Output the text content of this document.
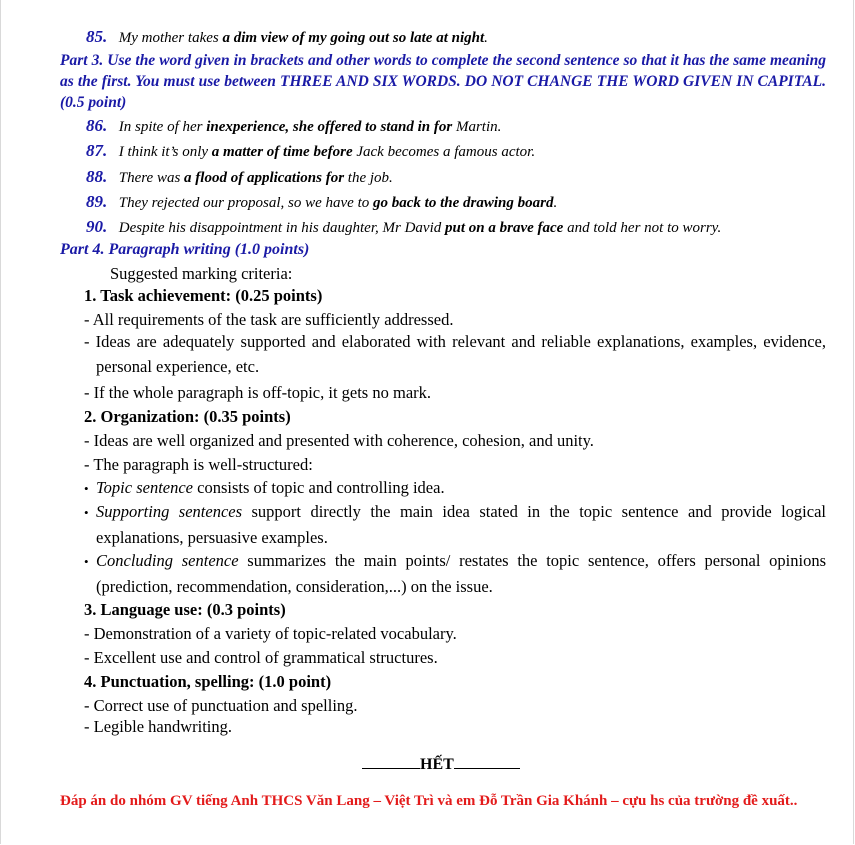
85. My mother takes a dim view of my going out so late at night.
Part 3. Use the word given in brackets and other words to complete the second sentence so that it has the same meaning as the first. You must use between THREE AND SIX WORDS. DO NOT CHANGE THE WORD GIVEN IN CAPITAL. (0.5 point)
86. In spite of her inexperience, she offered to stand in for Martin.
87. I think it’s only a matter of time before Jack becomes a famous actor.
88. There was a flood of applications for the job.
89. They rejected our proposal, so we have to go back to the drawing board.
90. Despite his disappointment in his daughter, Mr David put on a brave face and told her not to worry.
Part 4. Paragraph writing (1.0 points)
Suggested marking criteria:
1. Task achievement: (0.25 points)
- All requirements of the task are sufficiently addressed.
- Ideas are adequately supported and elaborated with relevant and reliable explanations, examples, evidence, personal experience, etc.
- If the whole paragraph is off-topic, it gets no mark.
2. Organization: (0.35 points)
- Ideas are well organized and presented with coherence, cohesion, and unity.
- The paragraph is well-structured:
• Topic sentence consists of topic and controlling idea.
• Supporting sentences support directly the main idea stated in the topic sentence and provide logical explanations, persuasive examples.
• Concluding sentence summarizes the main points/ restates the topic sentence, offers personal opinions (prediction, recommendation, consideration,...) on the issue.
3. Language use: (0.3 points)
- Demonstration of a variety of topic-related vocabulary.
- Excellent use and control of grammatical structures.
4. Punctuation, spelling: (1.0 point)
- Correct use of punctuation and spelling.
- Legible handwriting.
HẾT
Đáp án do nhóm GV tiếng Anh THCS Văn Lang – Việt Trì và em Đỗ Trần Gia Khánh – cựu hs của trường đề xuất..
